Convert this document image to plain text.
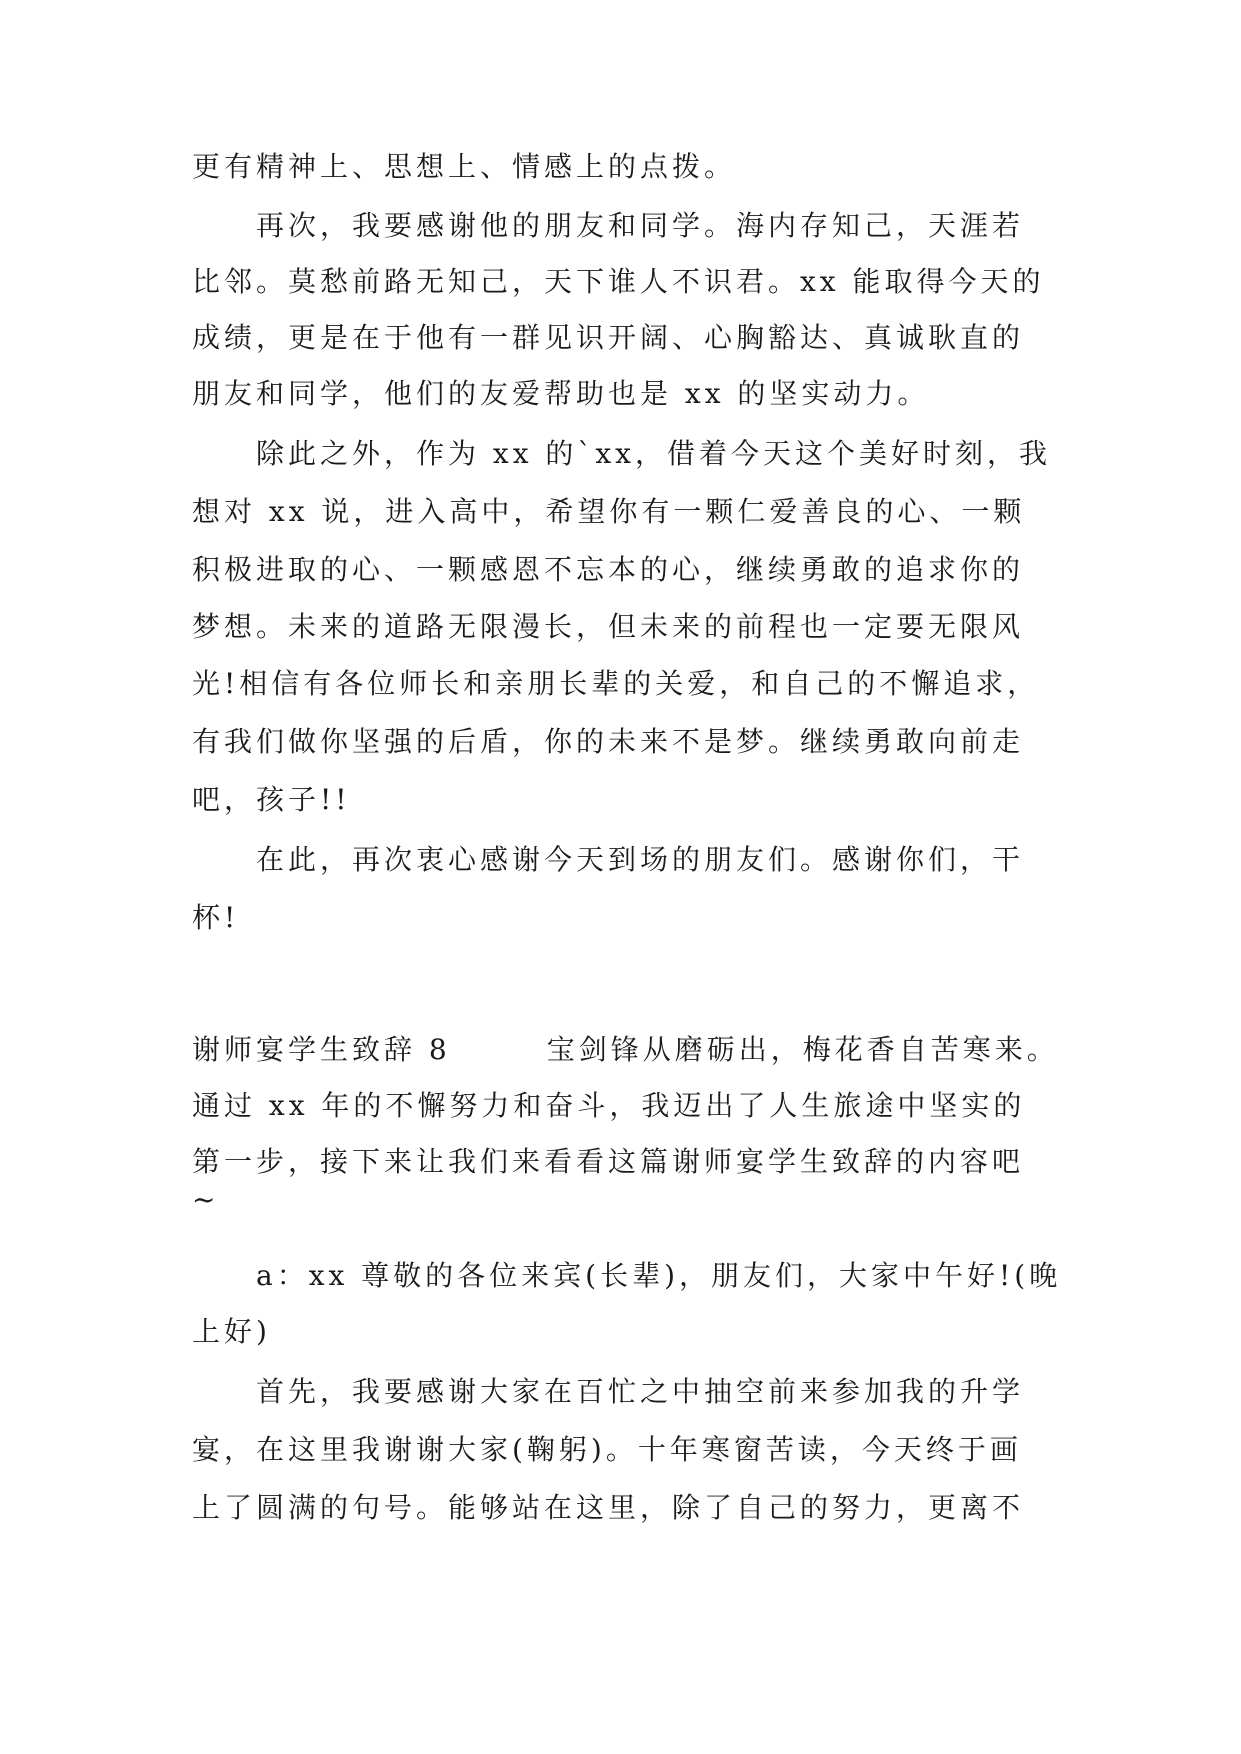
更有精神上、思想上、情感上的点拨。
再次，我要感谢他的朋友和同学。海内存知己，天涯若
比邻。莫愁前路无知己，天下谁人不识君。xx 能取得今天的
成绩，更是在于他有一群见识开阔、心胸豁达、真诚耿直的
朋友和同学，他们的友爱帮助也是 xx 的坚实动力。
除此之外，作为 xx 的`xx，借着今天这个美好时刻，我
想对 xx 说，进入高中，希望你有一颗仁爱善良的心、一颗
积极进取的心、一颗感恩不忘本的心，继续勇敢的追求你的
梦想。未来的道路无限漫长，但未来的前程也一定要无限风
光!相信有各位师长和亲朋长辈的关爱，和自己的不懈追求，
有我们做你坚强的后盾，你的未来不是梦。继续勇敢向前走
吧，孩子!!
在此，再次衷心感谢今天到场的朋友们。感谢你们，干
杯!
谢师宴学生致辞 8　　　宝剑锋从磨砺出，梅花香自苦寒来。
通过 xx 年的不懈努力和奋斗，我迈出了人生旅途中坚实的
第一步，接下来让我们来看看这篇谢师宴学生致辞的内容吧
~
a：xx 尊敬的各位来宾(长辈)，朋友们，大家中午好!(晚
上好)
首先，我要感谢大家在百忙之中抽空前来参加我的升学
宴，在这里我谢谢大家(鞠躬)。十年寒窗苦读，今天终于画
上了圆满的句号。能够站在这里，除了自己的努力，更离不
